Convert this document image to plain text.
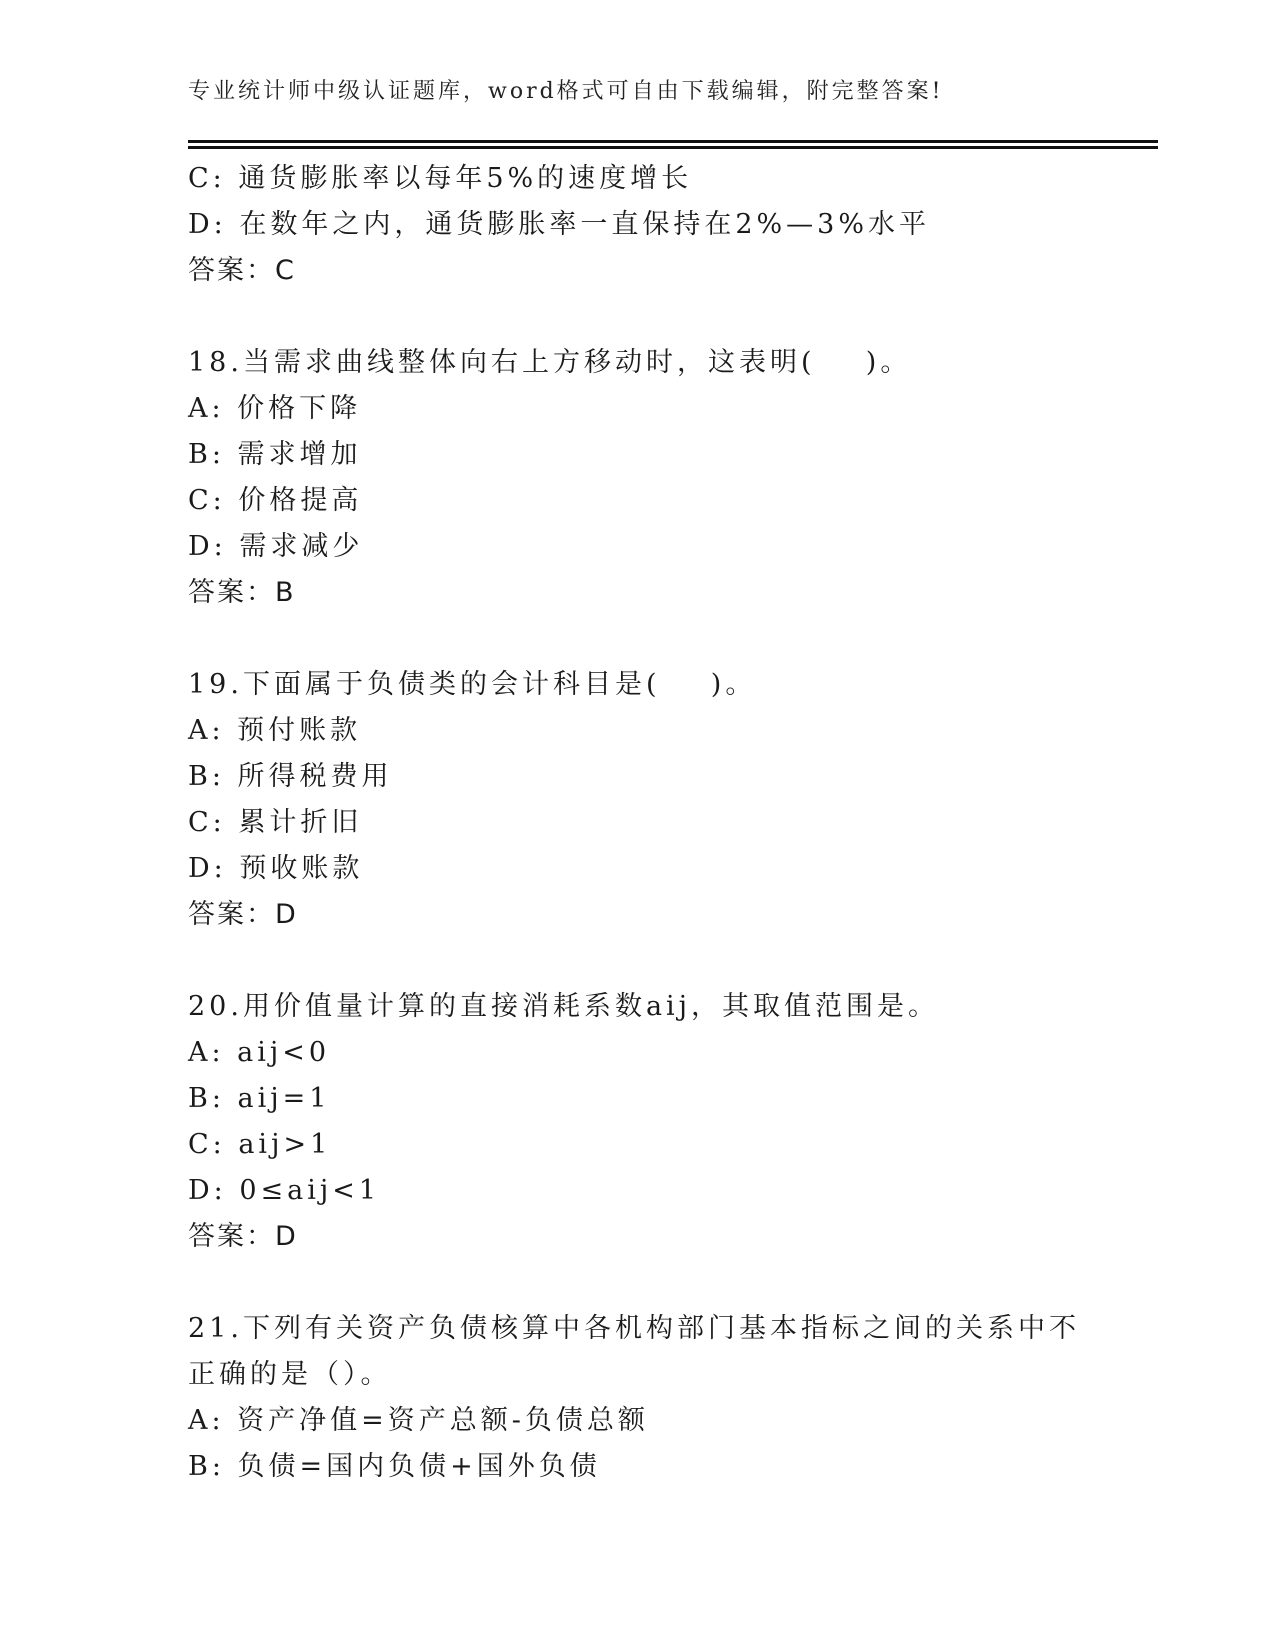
专业统计师中级认证题库，word格式可自由下载编辑，附完整答案!
C: 通货膨胀率以每年5%的速度增长
D: 在数年之内，通货膨胀率一直保持在2%—3%水平
答案：C
18.当需求曲线整体向右上方移动时，这表明(    )。
A: 价格下降
B: 需求增加
C: 价格提高
D: 需求减少
答案：B
19.下面属于负债类的会计科目是(    )。
A: 预付账款
B: 所得税费用
C: 累计折旧
D: 预收账款
答案：D
20.用价值量计算的直接消耗系数aij，其取值范围是。
A: aij<0
B: aij=1
C: aij>1
D: 0≤aij<1
答案：D
21.下列有关资产负债核算中各机构部门基本指标之间的关系中不正确的是（）。
A: 资产净值=资产总额-负债总额
B: 负债=国内负债+国外负债
